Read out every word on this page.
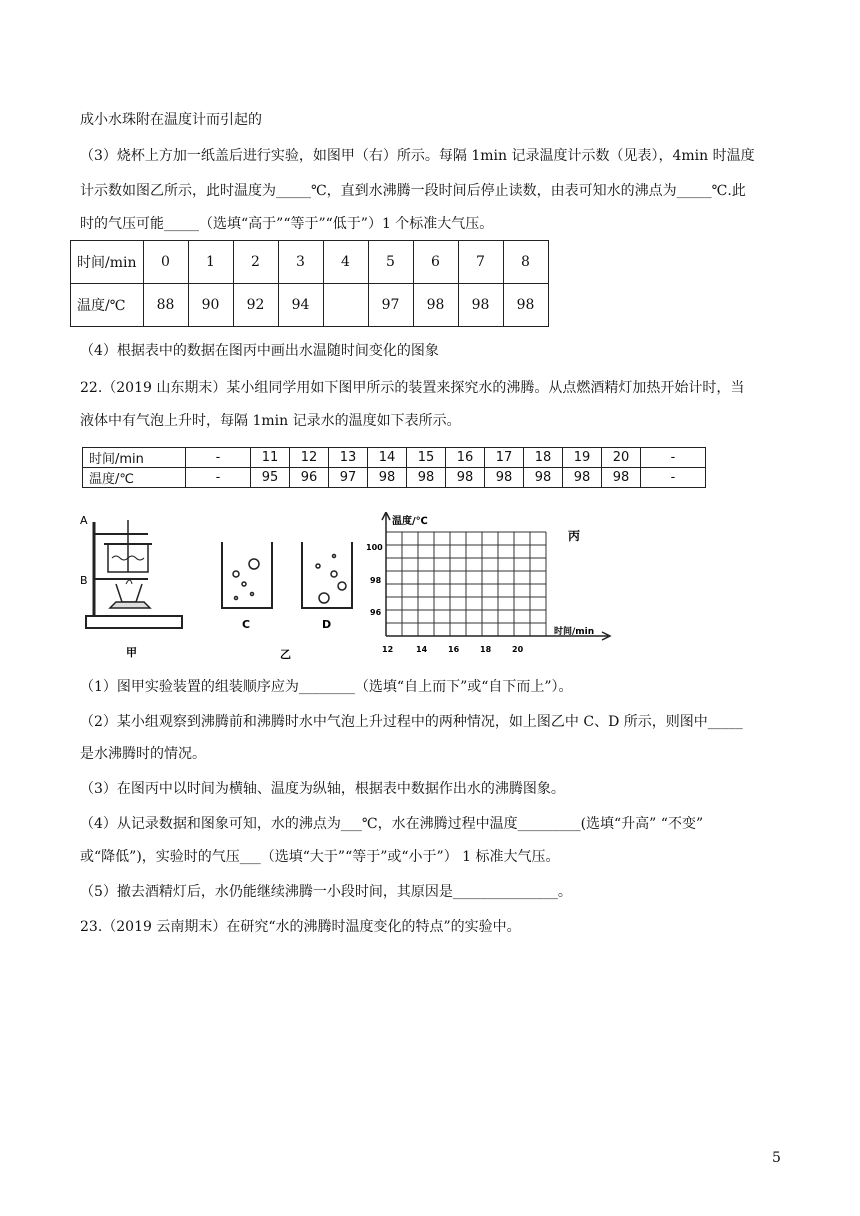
成小水珠附在温度计而引起的
（3）烧杯上方加一纸盖后进行实验，如图甲（右）所示。每隔 1min 记录温度计示数（见表），4min 时温度
计示数如图乙所示，此时温度为_____℃，直到水沸腾一段时间后停止读数，由表可知水的沸点为_____℃.此
时的气压可能_____（选填“高于”“等于”“低于”）1 个标准大气压。
时间/min	0	1	2	3	4	5	6	7	8
温度/℃	88	90	92	94		97	98	98	98
（4）根据表中的数据在图丙中画出水温随时间变化的图象
22.（2019 山东期末）某小组同学用如下图甲所示的装置来探究水的沸腾。从点燃酒精灯加热开始计时，当
液体中有气泡上升时，每隔 1min 记录水的温度如下表所示。
时间/min	-	11	12	13	14	15	16	17	18	19	20	-
温度/℃	-	95	96	97	98	98	98	98	98	98	98	-
A
B
甲
C	D
乙
温度/℃
时间/min
丙
100
98
96
12	14	16	18	20
（1）图甲实验装置的组装顺序应为________（选填“自上而下”或“自下而上”）。
（2）某小组观察到沸腾前和沸腾时水中气泡上升过程中的两种情况，如上图乙中 C、D 所示，则图中_____
是水沸腾时的情况。
（3）在图丙中以时间为横轴、温度为纵轴，根据表中数据作出水的沸腾图象。
（4）从记录数据和图象可知，水的沸点为___℃，水在沸腾过程中温度_________(选填“升高” “不变”
或“降低”)，实验时的气压___（选填“大于”“等于”或“小于”） 1 标准大气压。
（5）撤去酒精灯后，水仍能继续沸腾一小段时间，其原因是_______________。
23.（2019 云南期末）在研究“水的沸腾时温度变化的特点”的实验中。
5
